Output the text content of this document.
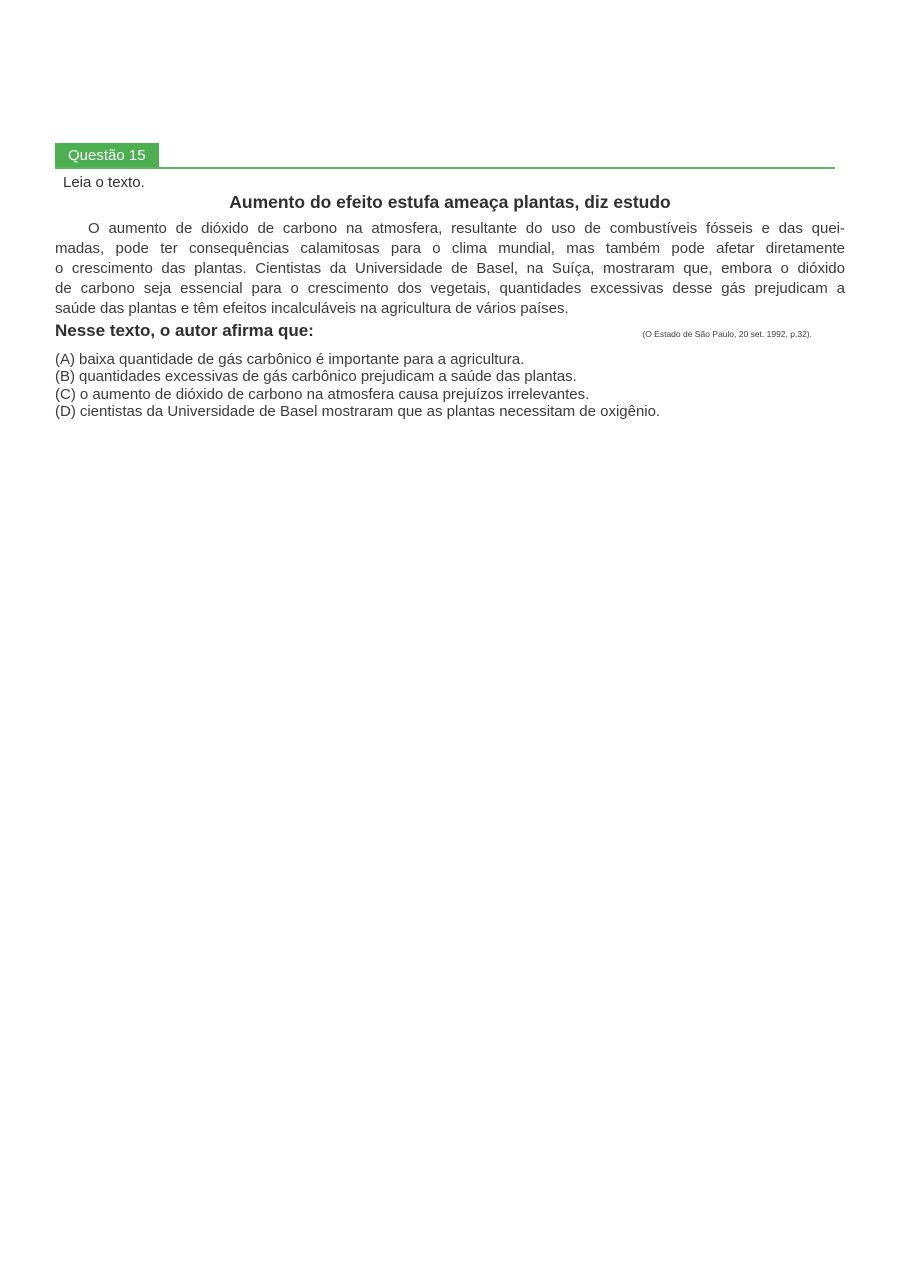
Questão 15
Leia o texto.
Aumento do efeito estufa ameaça plantas, diz estudo
O aumento de dióxido de carbono na atmosfera, resultante do uso de combustíveis fósseis e das quei-
madas, pode ter consequências calamitosas para o clima mundial, mas também pode afetar diretamente
o crescimento das plantas. Cientistas da Universidade de Basel, na Suíça, mostraram que, embora o dióxido
de carbono seja essencial para o crescimento dos vegetais, quantidades excessivas desse gás prejudicam a
saúde das plantas e têm efeitos incalculáveis na agricultura de vários países.
Nesse texto, o autor afirma que:	(O Estado de São Paulo, 20 set. 1992, p.32).
(A) baixa quantidade de gás carbônico é importante para a agricultura.
(B) quantidades excessivas de gás carbônico prejudicam a saúde das plantas.
(C) o aumento de dióxido de carbono na atmosfera causa prejuízos irrelevantes.
(D) cientistas da Universidade de Basel mostraram que as plantas necessitam de oxigênio.
